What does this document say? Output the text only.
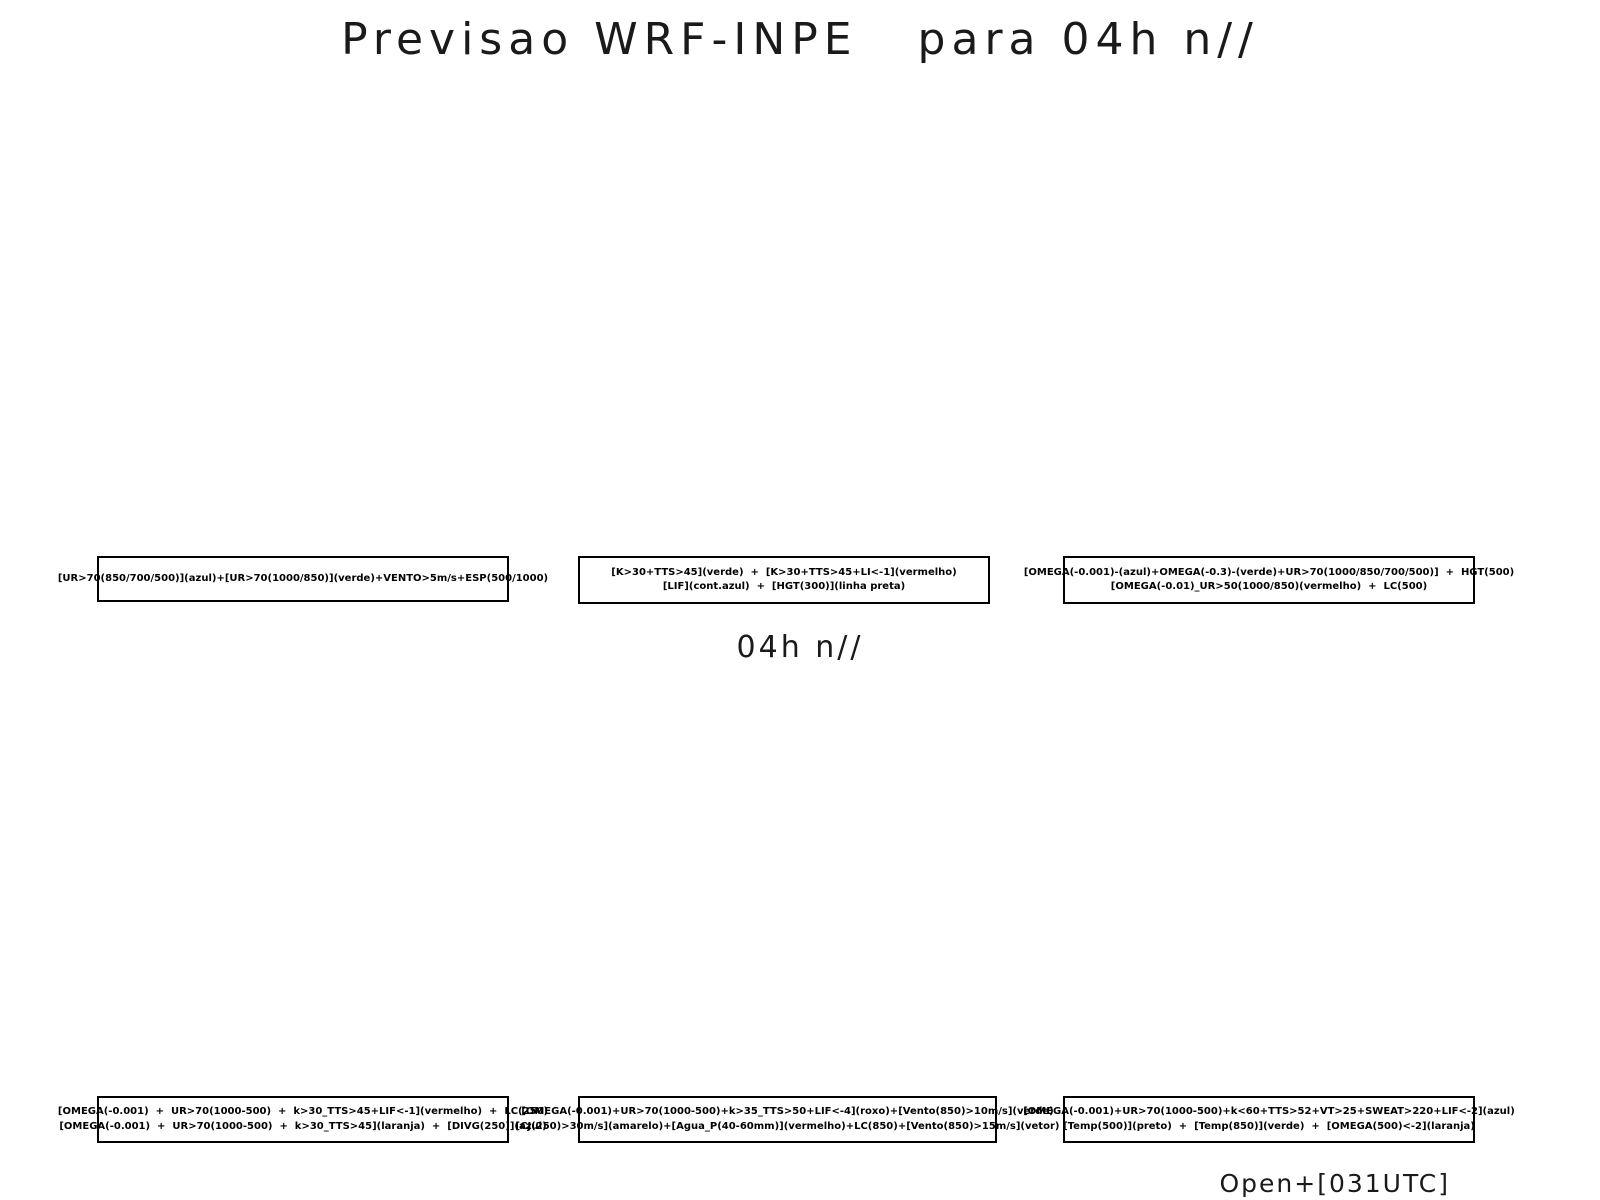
Previsao WRF-INPE   para 04h n//
[UR>70(850/700/500)](azul)+[UR>70(1000/850)](verde)+VENTO>5m/s+ESP(500/1000)
[K>30+TTS>45](verde)  +  [K>30+TTS>45+LI<-1](vermelho)
[LIF](cont.azul)  +  [HGT(300)](linha preta)
[OMEGA(-0.001)-(azul)+OMEGA(-0.3)-(verde)+UR>70(1000/850/700/500)]  +  HGT(500)
[OMEGA(-0.01)_UR>50(1000/850)(vermelho)  +  LC(500)
04h n//
[OMEGA(-0.001)  +  UR>70(1000-500)  +  k>30_TTS>45+LIF<-1](vermelho)  +  LC(250)
[OMEGA(-0.001)  +  UR>70(1000-500)  +  k>30_TTS>45](laranja)  +  [DIVG(250)](azul)
[OMEGA(-0.001)+UR>70(1000-500)+k>35_TTS>50+LIF<-4](roxo)+[Vento(850)>10m/s](verde)
[CJ(250)>30m/s](amarelo)+[Agua_P(40-60mm)](vermelho)+LC(850)+[Vento(850)>15m/s](vetor)
[OMEGA(-0.001)+UR>70(1000-500)+k<60+TTS>52+VT>25+SWEAT>220+LIF<-2](azul)
[Temp(500)](preto)  +  [Temp(850)](verde)  +  [OMEGA(500)<-2](laranja)
Open+[031UTC]
